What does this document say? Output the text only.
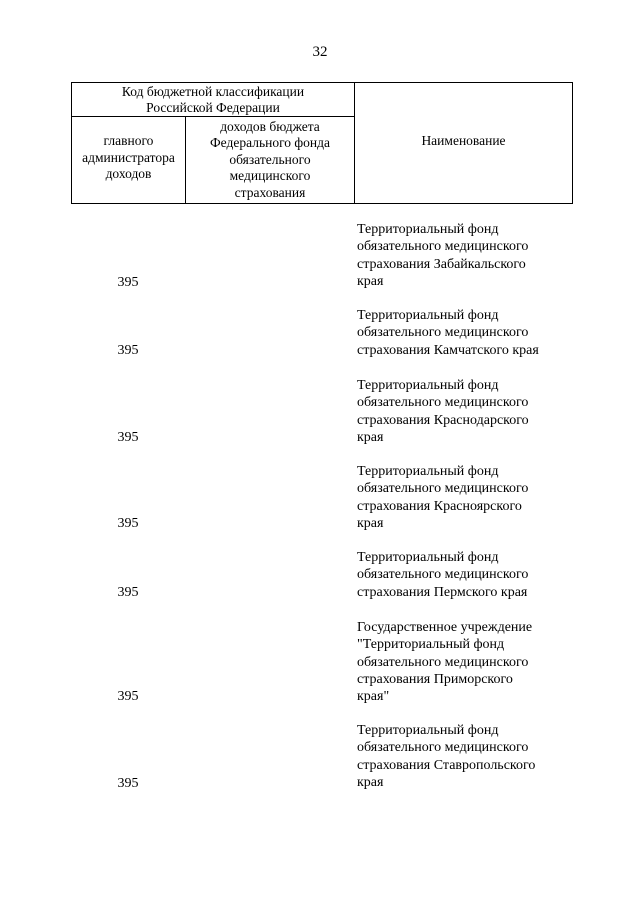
32
Код бюджетной классификации
Российской Федерации
главного
администратора
доходов
доходов бюджета
Федерального фонда
обязательного
медицинского
страхования
Наименование
395
Территориальный фонд
обязательного медицинского
страхования Забайкальского
края
395
Территориальный фонд
обязательного медицинского
страхования Камчатского края
395
Территориальный фонд
обязательного медицинского
страхования Краснодарского
края
395
Территориальный фонд
обязательного медицинского
страхования Красноярского
края
395
Территориальный фонд
обязательного медицинского
страхования Пермского края
395
Государственное учреждение
"Территориальный фонд
обязательного медицинского
страхования Приморского
края"
395
Территориальный фонд
обязательного медицинского
страхования Ставропольского
края
